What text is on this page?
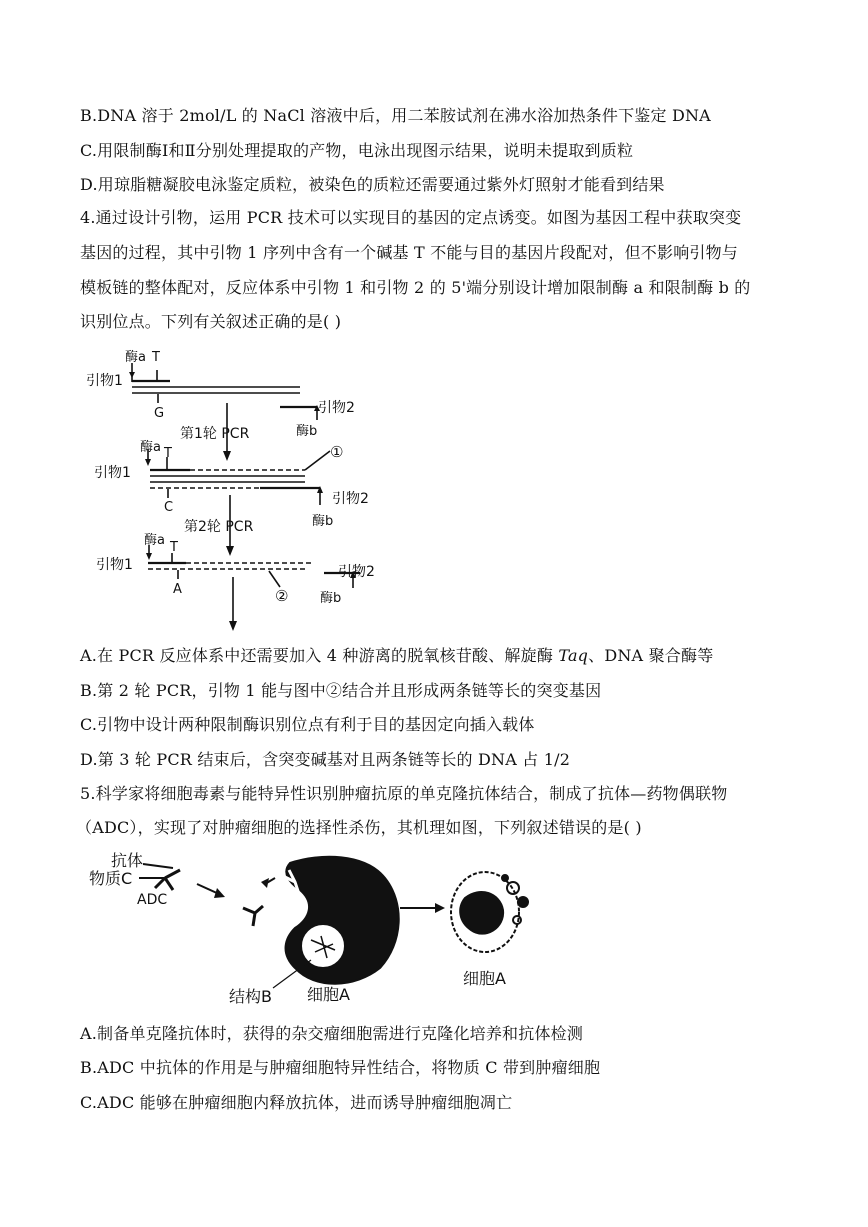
B.DNA 溶于 2mol/L 的 NaCl 溶液中后，用二苯胺试剂在沸水浴加热条件下鉴定 DNA
C.用限制酶Ⅰ和Ⅱ分别处理提取的产物，电泳出现图示结果，说明未提取到质粒
D.用琼脂糖凝胶电泳鉴定质粒，被染色的质粒还需要通过紫外灯照射才能看到结果
4.通过设计引物，运用 PCR 技术可以实现目的基因的定点诱变。如图为基因工程中获取突变
基因的过程，其中引物 1 序列中含有一个碱基 T 不能与目的基因片段配对，但不影响引物与
模板链的整体配对，反应体系中引物 1 和引物 2 的 5'端分别设计增加限制酶 a 和限制酶 b 的
识别位点。下列有关叙述正确的是( )
酶a T
引物1
G	引物2
酶b
第1轮 PCR
酶a T
引物1
①
引物2
C
酶b
第2轮 PCR
酶a T
引物1	引物2
A	② 酶b
A.在 PCR 反应体系中还需要加入 4 种游离的脱氧核苷酸、解旋酶 Taq、DNA 聚合酶等
B.第 2 轮 PCR，引物 1 能与图中②结合并且形成两条链等长的突变基因
C.引物中设计两种限制酶识别位点有利于目的基因定向插入载体
D.第 3 轮 PCR 结束后，含突变碱基对且两条链等长的 DNA 占 1/2
5.科学家将细胞毒素与能特异性识别肿瘤抗原的单克隆抗体结合，制成了抗体—药物偶联物
（ADC），实现了对肿瘤细胞的选择性杀伤，其机理如图，下列叙述错误的是( )
抗体
物质C
ADC
结构B 细胞A
细胞A
A.制备单克隆抗体时，获得的杂交瘤细胞需进行克隆化培养和抗体检测
B.ADC 中抗体的作用是与肿瘤细胞特异性结合，将物质 C 带到肿瘤细胞
C.ADC 能够在肿瘤细胞内释放抗体，进而诱导肿瘤细胞凋亡
